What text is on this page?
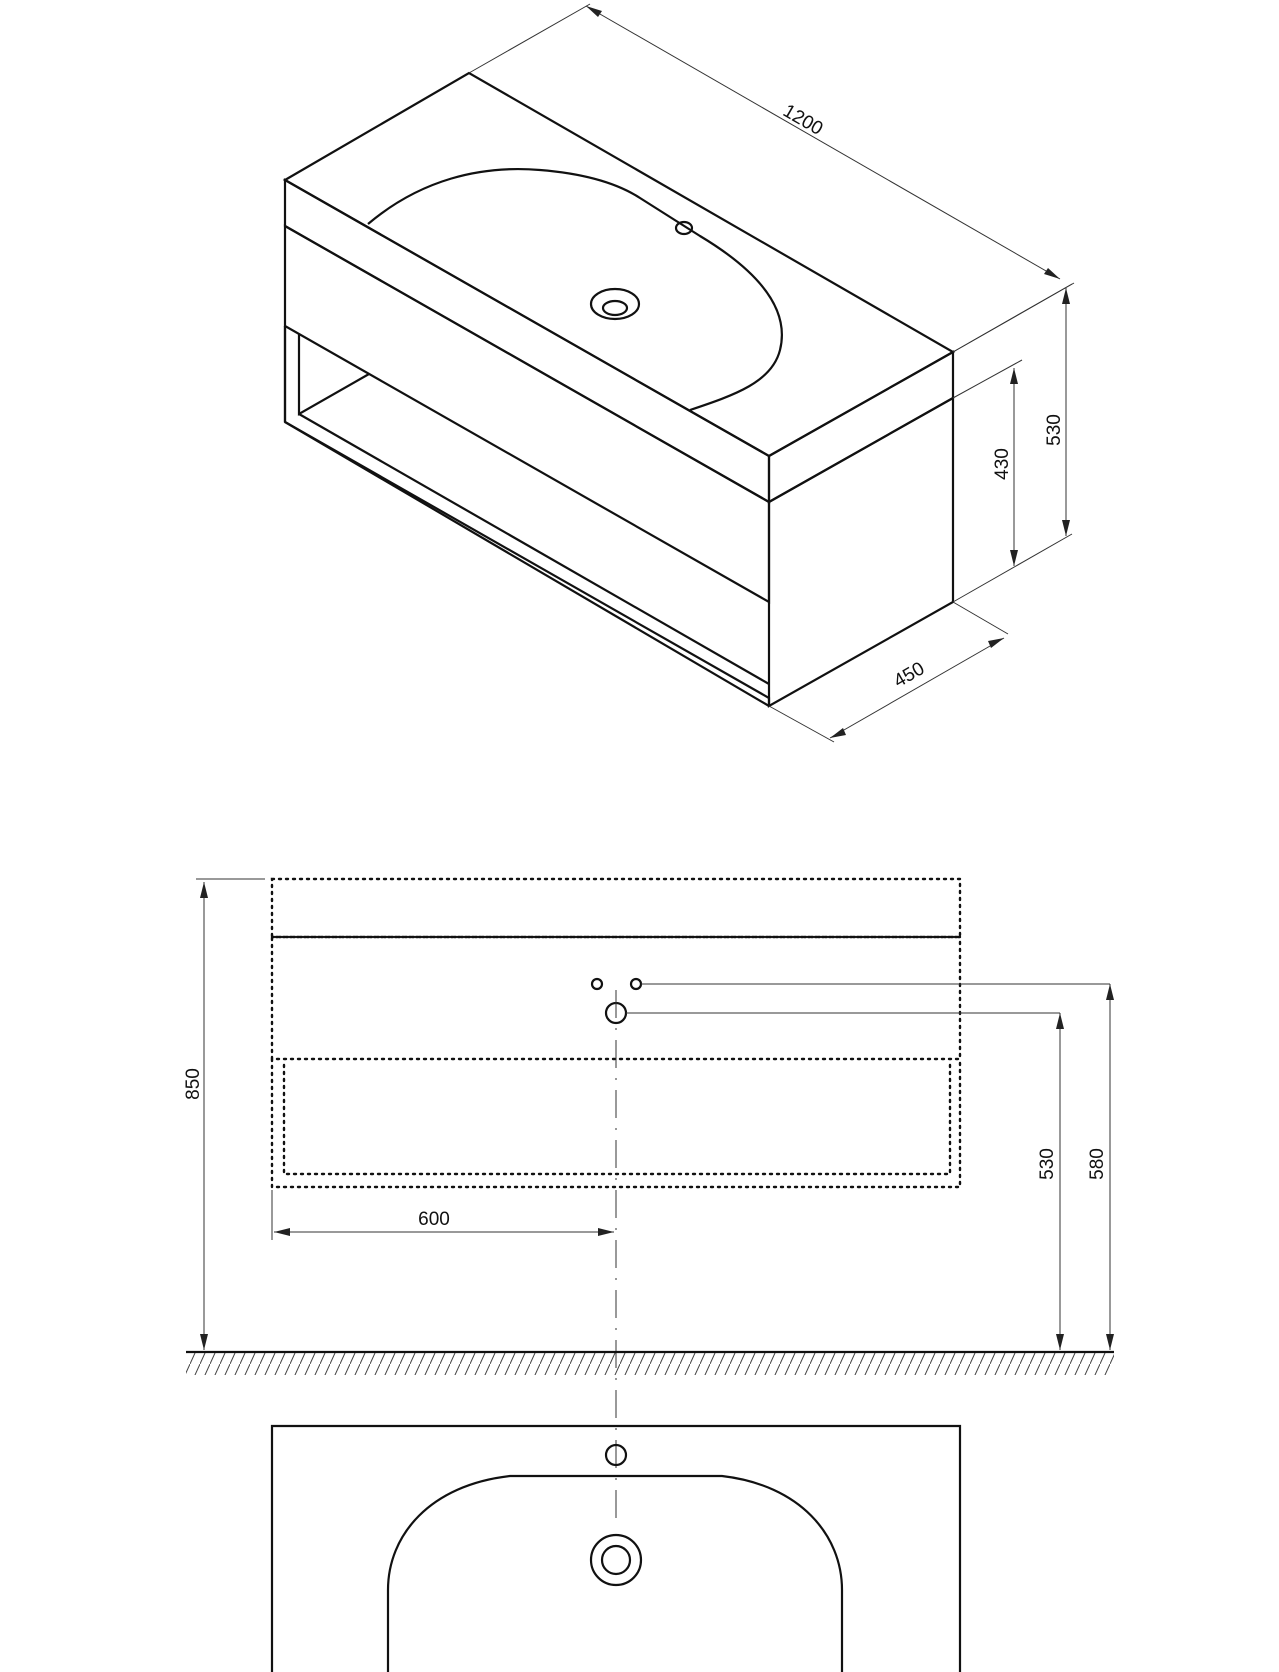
1200
530
430
450
850
600
530 580
